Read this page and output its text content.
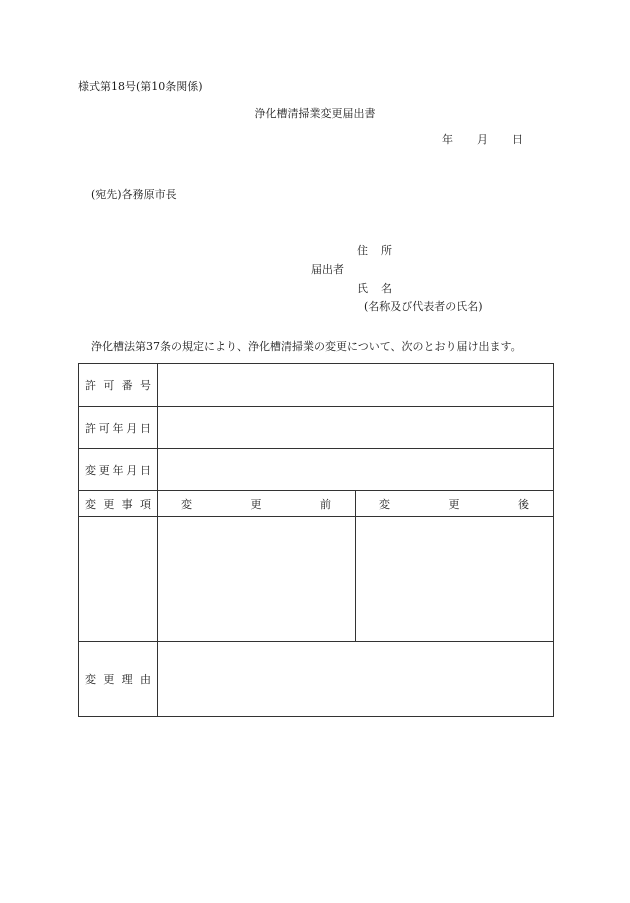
様式第18号(第10条関係)
浄化槽清掃業変更届出書
年 月 日
(宛先)各務原市長
住 所
届出者
氏 名
(名称及び代表者の氏名)
浄化槽法第37条の規定により、浄化槽清掃業の変更について、次のとおり届け出ます。
許 可 番 号		

許 可 年 月 日		

変 更 年 月 日		

変 更 事 項	変 更 前	変 更 後

変 更 理 由		
